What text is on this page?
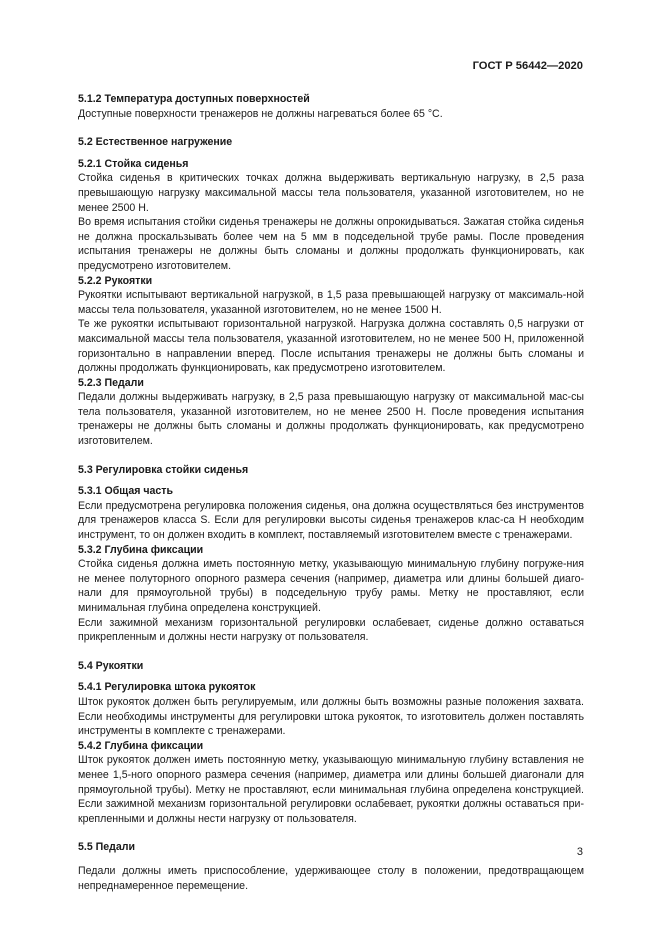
ГОСТ Р 56442—2020
5.1.2 Температура доступных поверхностей
Доступные поверхности тренажеров не должны нагреваться более 65 °С.
5.2 Естественное нагружение
5.2.1 Стойка сиденья
Стойка сиденья в критических точках должна выдерживать вертикальную нагрузку, в 2,5 раза превышающую нагрузку максимальной массы тела пользователя, указанной изготовителем, но не менее 2500 Н.
Во время испытания стойки сиденья тренажеры не должны опрокидываться. Зажатая стойка сиденья не должна проскальзывать более чем на 5 мм в подседельной трубе рамы. После проведения испытания тренажеры не должны быть сломаны и должны продолжать функционировать, как предусмотрено изготовителем.
5.2.2 Рукоятки
Рукоятки испытывают вертикальной нагрузкой, в 1,5 раза превышающей нагрузку от максималь-ной массы тела пользователя, указанной изготовителем, но не менее 1500 Н.
Те же рукоятки испытывают горизонтальной нагрузкой. Нагрузка должна составлять 0,5 нагрузки от максимальной массы тела пользователя, указанной изготовителем, но не менее 500 Н, приложенной горизонтально в направлении вперед. После испытания тренажеры не должны быть сломаны и должны продолжать функционировать, как предусмотрено изготовителем.
5.2.3 Педали
Педали должны выдерживать нагрузку, в 2,5 раза превышающую нагрузку от максимальной мас-сы тела пользователя, указанной изготовителем, но не менее 2500 Н. После проведения испытания тренажеры не должны быть сломаны и должны продолжать функционировать, как предусмотрено изготовителем.
5.3 Регулировка стойки сиденья
5.3.1 Общая часть
Если предусмотрена регулировка положения сиденья, она должна осуществляться без инструментов для тренажеров класса S. Если для регулировки высоты сиденья тренажеров клас-са H необходим инструмент, то он должен входить в комплект, поставляемый изготовителем вместе с тренажерами.
5.3.2 Глубина фиксации
Стойка сиденья должна иметь постоянную метку, указывающую минимальную глубину погруже-ния не менее полуторного опорного размера сечения (например, диаметра или длины большей диаго-нали для прямоугольной трубы) в подседельную трубу рамы. Метку не проставляют, если минимальная глубина определена конструкцией.
Если зажимной механизм горизонтальной регулировки ослабевает, сиденье должно оставаться прикрепленным и должны нести нагрузку от пользователя.
5.4 Рукоятки
5.4.1 Регулировка штока рукояток
Шток рукояток должен быть регулируемым, или должны быть возможны разные положения захвата. Если необходимы инструменты для регулировки штока рукояток, то изготовитель должен поставлять инструменты в комплекте с тренажерами.
5.4.2 Глубина фиксации
Шток рукояток должен иметь постоянную метку, указывающую минимальную глубину вставления не менее 1,5-ного опорного размера сечения (например, диаметра или длины большей диагонали для прямоугольной трубы). Метку не проставляют, если минимальная глубина определена конструкцией. Если зажимной механизм горизонтальной регулировки ослабевает, рукоятки должны оставаться при-крепленными и должны нести нагрузку от пользователя.
5.5 Педали
Педали должны иметь приспособление, удерживающее столу в положении, предотвращающем непреднамеренное перемещение.
3
